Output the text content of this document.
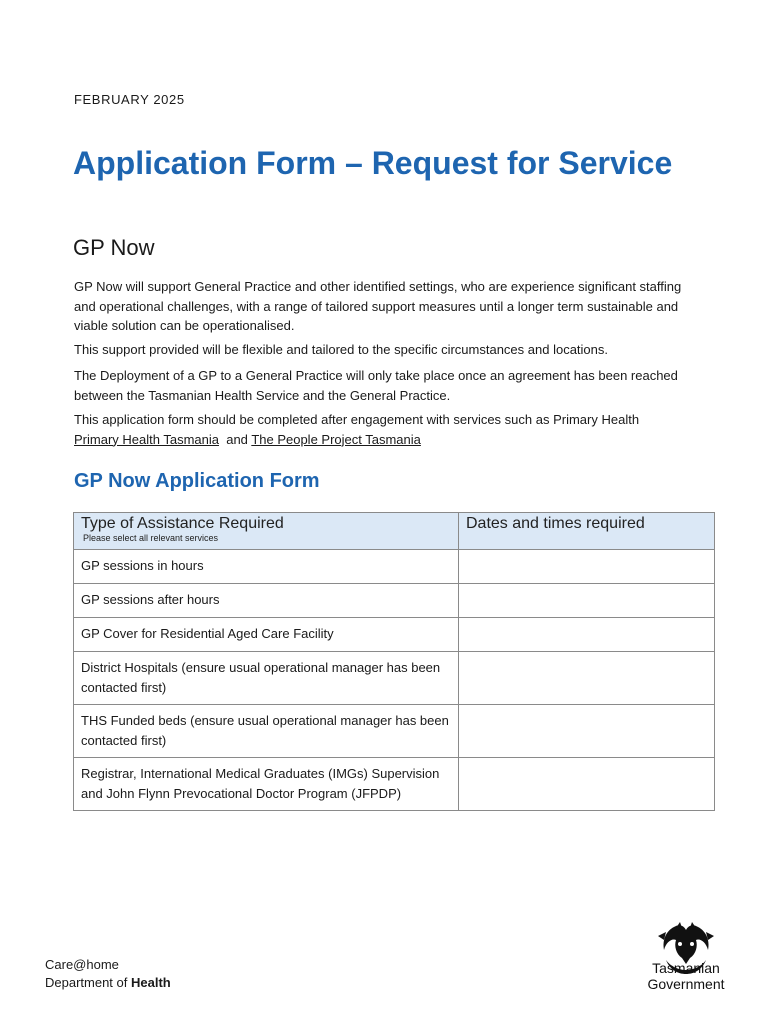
FEBRUARY 2025
Application Form – Request for Service
GP Now

GP Now will support General Practice and other identified settings, who are experience significant staffing and operational challenges, with a range of tailored support measures until a longer term sustainable and viable solution can be operationalised.

This support provided will be flexible and tailored to the specific circumstances and locations.

The Deployment of a GP to a General Practice will only take place once an agreement has been reached between the Tasmanian Health Service and the General Practice.

This application form should be completed after engagement with services such as Primary Health
Primary Health Tasmania and The People Project Tasmania

GP Now Application Form
Type of Assistance Required
Please select all relevant services	Dates and times required

GP sessions in hours	
GP sessions after hours	
GP Cover for Residential Aged Care Facility	
District Hospitals (ensure usual operational manager has been contacted first)	
THS Funded beds (ensure usual operational manager has been contacted first)	
Registrar, International Medical Graduates (IMGs) Supervision and John Flynn Prevocational Doctor Program (JFPDP)	
Care@home
Department of Health
Tasmanian
Government
